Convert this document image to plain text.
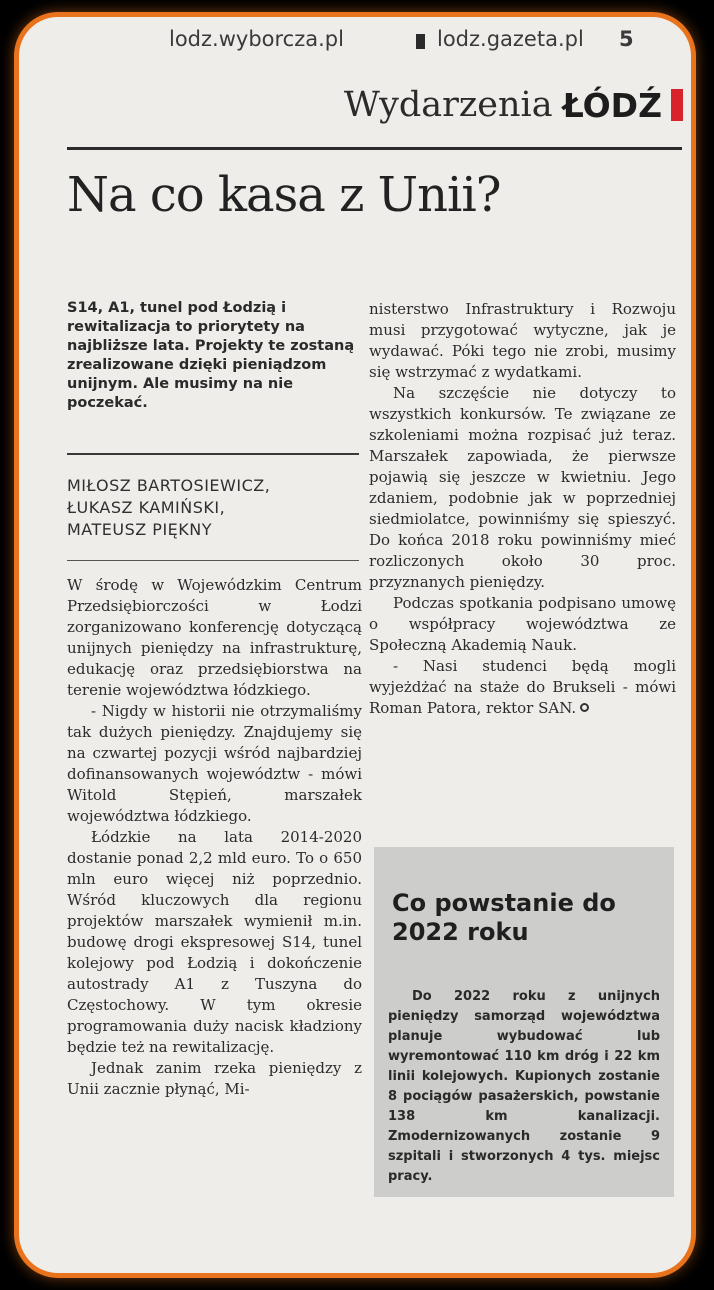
lodz.wyborcza.pl	lodz.gazeta.pl 5
Wydarzenia ŁÓDŹ
Na co kasa z Unii?
S14, A1, tunel pod Łodzią i rewitalizacja to priorytety na najbliższe lata. Projekty te zostaną zrealizowane dzięki pieniądzom unijnym. Ale musimy na nie poczekać.
MIŁOSZ BARTOSIEWICZ,
ŁUKASZ KAMIŃSKI,
MATEUSZ PIĘKNY

W środę w Wojewódzkim Centrum Przedsiębiorczości w Łodzi zorganizowano konferencję dotyczącą unijnych pieniędzy na infrastrukturę, edukację oraz przedsiębiorstwa na terenie województwa łódzkiego.

- Nigdy w historii nie otrzymaliśmy tak dużych pieniędzy. Znajdujemy się na czwartej pozycji wśród najbardziej dofinansowanych województw - mówi Witold Stępień, marszałek województwa łódzkiego.

Łódzkie na lata 2014-2020 dostanie ponad 2,2 mld euro. To o 650 mln euro więcej niż poprzednio. Wśród kluczowych dla regionu projektów marszałek wymienił m.in. budowę drogi ekspresowej S14, tunel kolejowy pod Łodzią i dokończenie autostrady A1 z Tuszyna do Częstochowy. W tym okresie programowania duży nacisk kładziony będzie też na rewitalizację.

Jednak zanim rzeka pieniędzy z Unii zacznie płynąć, Mi-

nisterstwo Infrastruktury i Rozwoju musi przygotować wytyczne, jak je wydawać. Póki tego nie zrobi, musimy się wstrzymać z wydatkami.

Na szczęście nie dotyczy to wszystkich konkursów. Te związane ze szkoleniami można rozpisać już teraz. Marszałek zapowiada, że pierwsze pojawią się jeszcze w kwietniu. Jego zdaniem, podobnie jak w poprzedniej siedmiolatce, powinniśmy się spieszyć. Do końca 2018 roku powinniśmy mieć rozliczonych około 30 proc. przyznanych pieniędzy.

Podczas spotkania podpisano umowę o współpracy województwa ze Społeczną Akademią Nauk.

- Nasi studenci będą mogli wyjeżdżać na staże do Brukseli - mówi Roman Patora, rektor SAN.

Co powstanie do 2022 roku

Do 2022 roku z unijnych pieniędzy samorząd województwa planuje wybudować lub wyremontować 110 km dróg i 22 km linii kolejowych. Kupionych zostanie 8 pociągów pasażerskich, powstanie 138 km kanalizacji. Zmodernizowanych zostanie 9 szpitali i stworzonych 4 tys. miejsc pracy.
